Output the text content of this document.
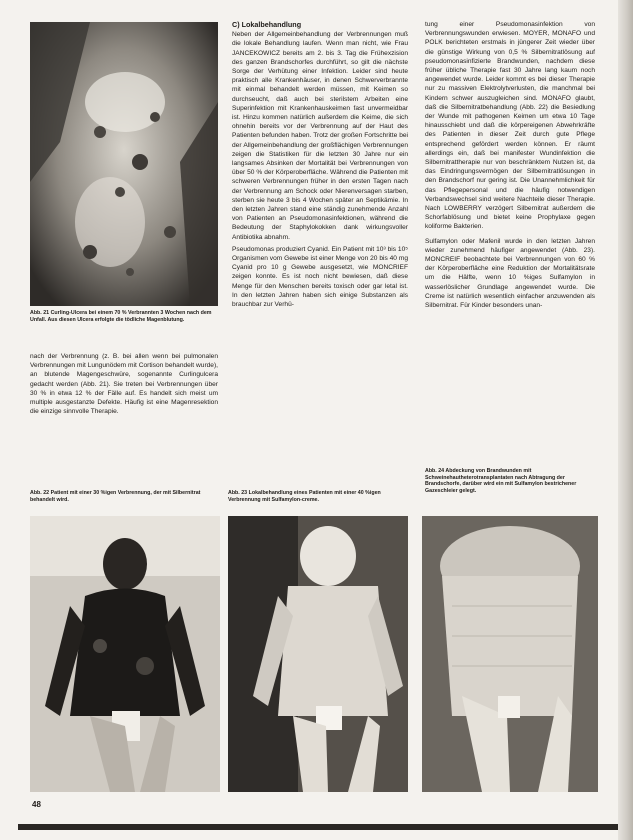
Abb. 21 Curling-Ulcera bei einem 70 % Verbrannten 3 Wochen nach dem Unfall. Aus diesen Ulcera erfolgte die tödliche Magenblutung.

nach der Verbrennung (z. B. bei allen wenn bei pulmonalen Verbrennungen mit Lungunödem mit Cortison behandelt wurde), an blutende Magengeschwüre, sogenannte Curlingulcera gedacht werden (Abb. 21). Sie treten bei Verbrennungen über 30 % in etwa 12 % der Fälle auf. Es handelt sich meist um multiple ausgestanzte Defekte. Häufig ist eine Magenresektion die einzige sinnvolle Therapie.

C) Lokalbehandlung

Neben der Allgemeinbehandlung der Verbrennungen muß die lokale Behandlung laufen. Wenn man nicht, wie Frau JANCEKOWICZ bereits am 2. bis 3. Tag die Frühexzision des ganzen Brandschorfes durchführt, so gilt die nächste Sorge der Verhütung einer Infektion. Leider sind heute praktisch alle Krankenhäuser, in denen Schwerverbrannte mit einmal behandelt werden müssen, mit Keimen so durchseucht, daß auch bei sterilstem Arbeiten eine Superinfektion mit Krankenhauskeimen fast unvermeidbar ist. Hinzu kommen natürlich außerdem die Keime, die sich ohnehin bereits vor der Verbrennung auf der Haut des Patienten befunden haben. Trotz der großen Fortschritte bei der Allgemeinbehandlung der großflächigen Verbrennungen zeigen die Statistiken für die letzten 30 Jahre nur ein langsames Absinken der Mortalität bei Verbrennungen von über 50 % der Körperoberfläche. Während die Patienten mit schweren Verbrennungen früher in den ersten Tagen nach der Verbrennung am Schock oder Nierenversagen starben, sterben sie heute 3 bis 4 Wochen später an Septikämie. In den letzten Jahren stand eine ständig zunehmende Anzahl von Patienten an Pseudomonasinfektionen, während die Bedeutung der Staphylokokken dank wirkungsvoller Antibiotika abnahm.

Pseudomonas produziert Cyanid. Ein Patient mit 10³ bis 10⁵ Organismen vom Gewebe ist einer Menge von 20 bis 40 mg Cyanid pro 10 g Gewebe ausgesetzt, wie MONCRIEF zeigen konnte. Es ist noch nicht bewiesen, daß diese Menge für den Menschen bereits toxisch oder gar letal ist. In den letzten Jahren haben sich einige Substanzen als brauchbar zur Verhü-

tung einer Pseudomonasinfektion von Verbrennungswunden erwiesen. MOYER, MONAFO und POLK berichteten erstmals in jüngerer Zeit wieder über die günstige Wirkung von 0,5 % Silbernitratlösung auf pseudomonasinfizierte Brandwunden, nachdem diese früher übliche Therapie fast 30 Jahre lang kaum noch angewendet wurde. Leider kommt es bei dieser Therapie nur zu massiven Elektrolytverlusten, die manchmal bei Kindern schwer auszugleichen sind. MONAFO glaubt, daß die Silbernitratbehandlung (Abb. 22) die Besiedlung der Wunde mit pathogenen Keimen um etwa 10 Tage hinausschiebt und daß die körpereigenen Abwehrkräfte des Patienten in dieser Zeit durch gute Pflege entsprechend gefördert werden können. Er räumt allerdings ein, daß bei manifester Wundinfektion die Silbernitrattherapie nur von beschränktem Nutzen ist, da das Eindringungsvermögen der Silbernitratlösungen in den Brandschorf nur gering ist. Die Unannehmlichkeit für das Pflegepersonal und die häufig notwendigen Verbandswechsel sind weitere Nachteile dieser Therapie. Nach LOWBERRY verzögert Silbernitrat außerdem die Schorfablösung und bietet keine Prophylaxe gegen koliforme Bakterien.

Sulfamylon oder Mafenil wurde in den letzten Jahren wieder zunehmend häufiger angewendet (Abb. 23). MONCREIF beobachtete bei Verbrennungen von 60 % der Körperoberfläche eine Reduktion der Mortalitätsrate um die Hälfte, wenn 10 %iges Sulfamylon in wasserlöslicher Grundlage angewendet wurde. Die Creme ist natürlich wesentlich einfacher anzuwenden als Silbernitrat. Für Kinder besonders unan-

Abb. 22 Patient mit einer 30 %igen Verbrennung, der mit Silbernitrat behandelt wird.
Abb. 23 Lokalbehandlung eines Patienten mit einer 40 %igen Verbrennung mit Sulfamylon-creme.
Abb. 24 Abdeckung von Brandwunden mit Schweinehautheterotransplantaten nach Abtragung der Brandschorfe, darüber wird ein mit Sulfamylon bestrichener Gazeschleier gelegt.
48
